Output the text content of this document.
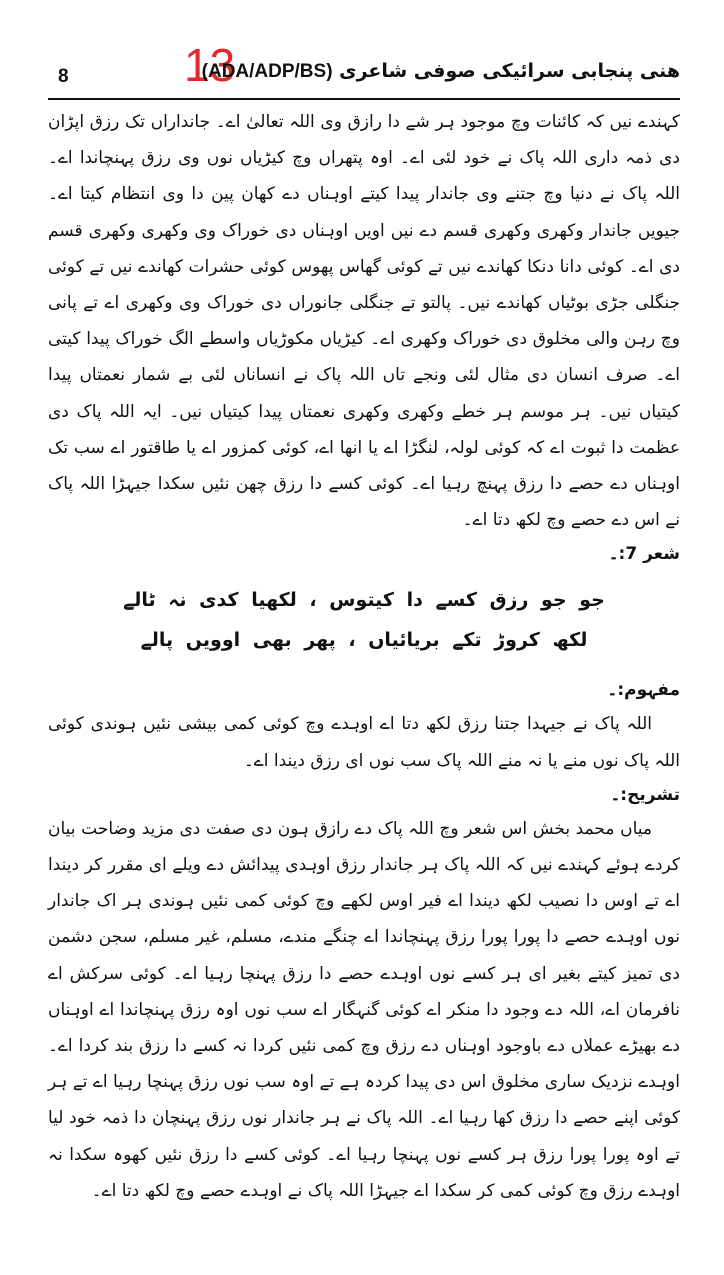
8	13	هنی پنجابی سرائیکی صوفی شاعری (ADA/ADP/BS)

کہندے نیں کہ کائنات وچ موجود ہر شے دا رازق وی اللہ تعالیٰ اے۔ جانداراں تک رزق اپڑان دی ذمہ داری اللہ پاک نے خود لئی اے۔ اوہ پتھراں وچ کیڑیاں نوں وی رزق پہنچاندا اے۔ اللہ پاک نے دنیا وچ جتنے وی جاندار پیدا کیتے اوہناں دے کھان پین دا وی انتظام کیتا اے۔ جیویں جاندار وکھری وکھری قسم دے نیں اویں اوہناں دی خوراک وی وکھری وکھری قسم دی اے۔ کوئی دانا دنکا کھاندے نیں تے کوئی گھاس پھوس کوئی حشرات کھاندے نیں تے کوئی جنگلی جڑی بوٹیاں کھاندے نیں۔ پالتو تے جنگلی جانوراں دی خوراک وی وکھری اے تے پانی وچ رہن والی مخلوق دی خوراک وکھری اے۔ کیڑیاں مکوڑیاں واسطے الگ خوراک پیدا کیتی اے۔ صرف انسان دی مثال لئی ونجے تاں اللہ پاک نے انساناں لئی بے شمار نعمتاں پیدا کیتیاں نیں۔ ہر موسم ہر خطے وکھری وکھری نعمتاں پیدا کیتیاں نیں۔ ایہ اللہ پاک دی عظمت دا ثبوت اے کہ کوئی لولہ، لنگڑا اے یا انھا اے، کوئی کمزور اے یا طاقتور اے سب تک اوہناں دے حصے دا رزق پہنچ رہیا اے۔ کوئی کسے دا رزق چھن نئیں سکدا جیہڑا اللہ پاک نے اس دے حصے وچ لکھ دتا اے۔

شعر 7:۔

جو جو رزق کسے دا کیتوس ، لکھیا کدی نہ ٹالے
لکھ کروڑ تکے بریائیاں ، پھر بھی اوویں پالے

مفہوم:۔

اللہ پاک نے جیہدا جتنا رزق لکھ دتا اے اوہدے وچ کوئی کمی بیشی نئیں ہوندی کوئی اللہ پاک نوں منے یا نہ منے اللہ پاک سب نوں ای رزق دیندا اے۔

تشریح:۔

میاں محمد بخش اس شعر وچ اللہ پاک دے رازق ہون دی صفت دی مزید وضاحت بیان کردے ہوئے کہندے نیں کہ اللہ پاک ہر جاندار رزق اوہدی پیدائش دے ویلے ای مقرر کر دیندا اے تے اوس دا نصیب لکھ دیندا اے فیر اوس لکھے وچ کوئی کمی نئیں ہوندی ہر اک جاندار نوں اوہدے حصے دا پورا پورا رزق پہنچاندا اے چنگے مندے، مسلم، غیر مسلم، سجن دشمن دی تمیز کیتے بغیر ای ہر کسے نوں اوہدے حصے دا رزق پہنچا رہیا اے۔ کوئی سرکش اے نافرمان اے، اللہ دے وجود دا منکر اے کوئی گنہگار اے سب نوں اوہ رزق پہنچاندا اے اوہناں دے بھیڑے عملاں دے باوجود اوہناں دے رزق وچ کمی نئیں کردا نہ کسے دا رزق بند کردا اے۔ اوہدے نزدیک ساری مخلوق اس دی پیدا کردہ ہے تے اوہ سب نوں رزق پہنچا رہیا اے تے ہر کوئی اپنے حصے دا رزق کھا رہیا اے۔ اللہ پاک نے ہر جاندار نوں رزق پہنچان دا ذمہ خود لیا تے اوہ پورا پورا رزق ہر کسے نوں پہنچا رہیا اے۔ کوئی کسے دا رزق نئیں کھوہ سکدا نہ اوہدے رزق وچ کوئی کمی کر سکدا اے جیہڑا اللہ پاک نے اوہدے حصے وچ لکھ دتا اے۔
